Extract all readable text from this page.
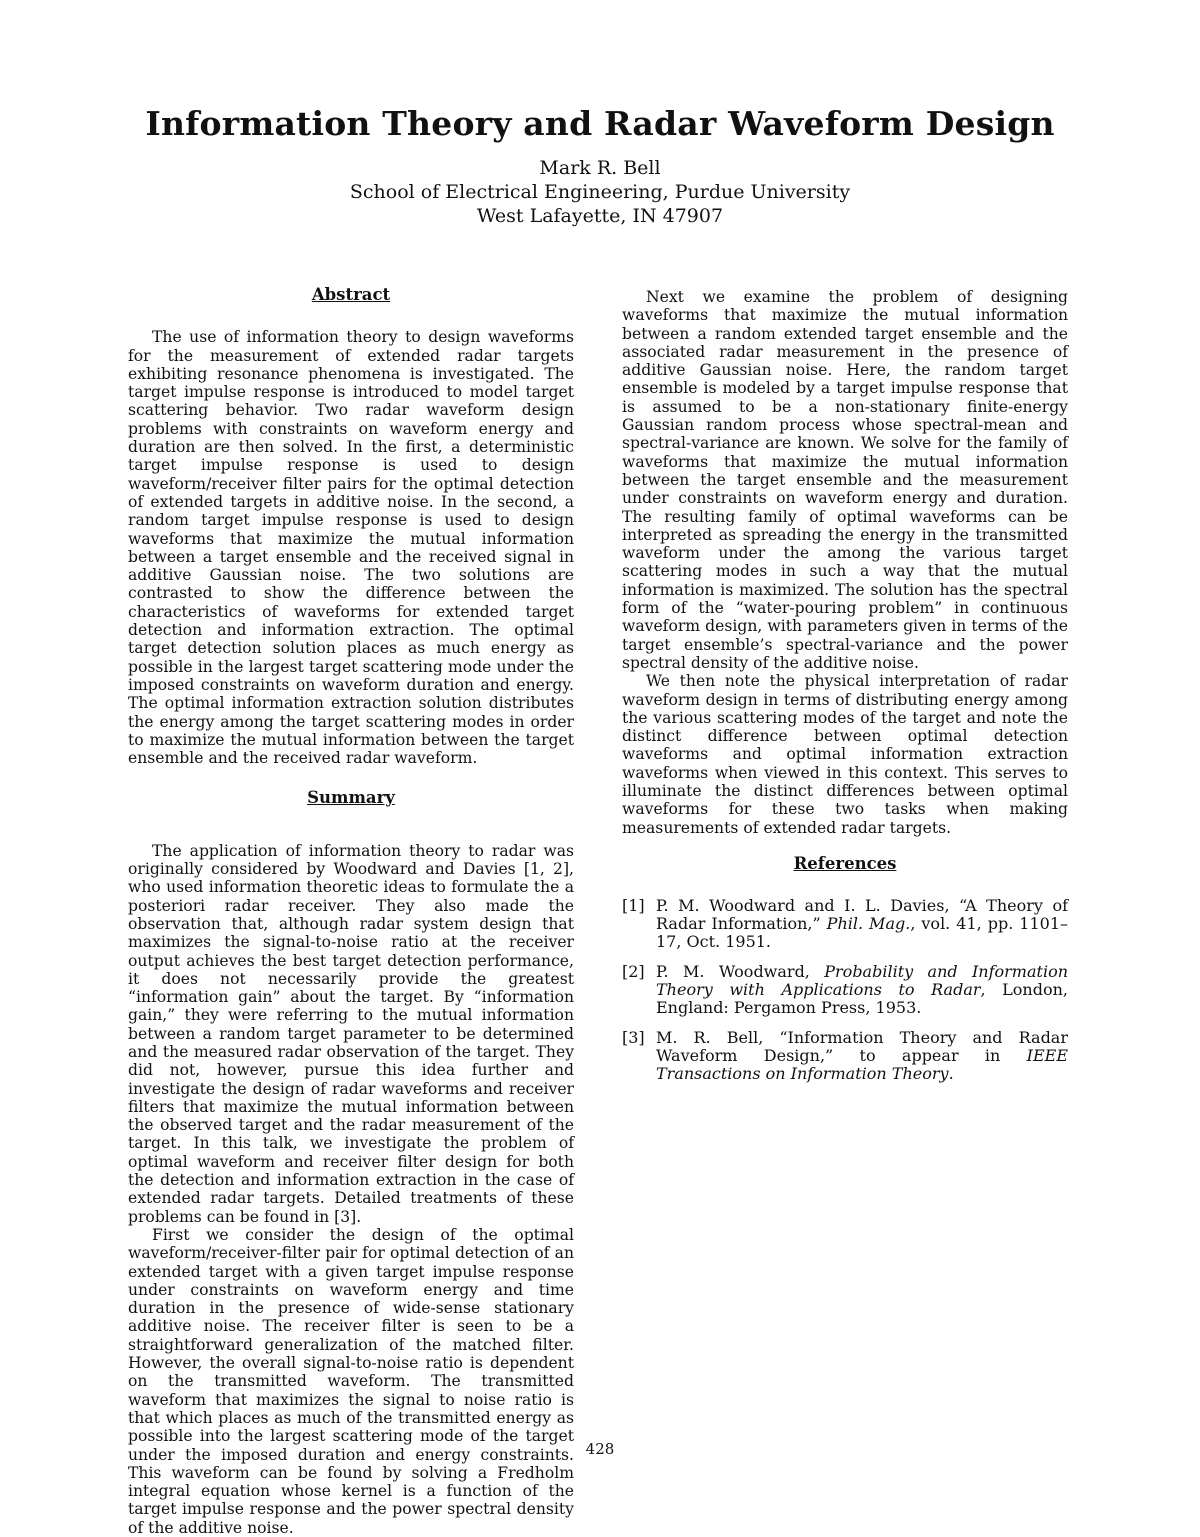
Information Theory and Radar Waveform Design
Mark R. Bell
School of Electrical Engineering, Purdue University
West Lafayette, IN 47907
Abstract

The use of information theory to design waveforms for the measurement of extended radar targets exhibiting resonance phenomena is investigated. The target impulse response is introduced to model target scattering behavior. Two radar waveform design problems with constraints on waveform energy and duration are then solved. In the first, a deterministic target impulse response is used to design waveform/receiver filter pairs for the optimal detection of extended targets in additive noise. In the second, a random target impulse response is used to design waveforms that maximize the mutual information between a target ensemble and the received signal in additive Gaussian noise. The two solutions are contrasted to show the difference between the characteristics of waveforms for extended target detection and information extraction. The optimal target detection solution places as much energy as possible in the largest target scattering mode under the imposed constraints on waveform duration and energy. The optimal information extraction solution distributes the energy among the target scattering modes in order to maximize the mutual information between the target ensemble and the received radar waveform.

Summary

The application of information theory to radar was originally considered by Woodward and Davies [1, 2], who used information theoretic ideas to formulate the a posteriori radar receiver. They also made the observation that, although radar system design that maximizes the signal-to-noise ratio at the receiver output achieves the best target detection performance, it does not necessarily provide the greatest “information gain” about the target. By “information gain,” they were referring to the mutual information between a random target parameter to be determined and the measured radar observation of the target. They did not, however, pursue this idea further and investigate the design of radar waveforms and receiver filters that maximize the mutual information between the observed target and the radar measurement of the target. In this talk, we investigate the problem of optimal waveform and receiver filter design for both the detection and information extraction in the case of extended radar targets. Detailed treatments of these problems can be found in [3].

First we consider the design of the optimal waveform/receiver-filter pair for optimal detection of an extended target with a given target impulse response under constraints on waveform energy and time duration in the presence of wide-sense stationary additive noise. The receiver filter is seen to be a straightforward generalization of the matched filter. However, the overall signal-to-noise ratio is dependent on the transmitted waveform. The transmitted waveform that maximizes the signal to noise ratio is that which places as much of the transmitted energy as possible into the largest scattering mode of the target under the imposed duration and energy constraints. This waveform can be found by solving a Fredholm integral equation whose kernel is a function of the target impulse response and the power spectral density of the additive noise.

Next we examine the problem of designing waveforms that maximize the mutual information between a random extended target ensemble and the associated radar measurement in the presence of additive Gaussian noise. Here, the random target ensemble is modeled by a target impulse response that is assumed to be a non-stationary finite-energy Gaussian random process whose spectral-mean and spectral-variance are known. We solve for the family of waveforms that maximize the mutual information between the target ensemble and the measurement under constraints on waveform energy and duration. The resulting family of optimal waveforms can be interpreted as spreading the energy in the transmitted waveform under the among the various target scattering modes in such a way that the mutual information is maximized. The solution has the spectral form of the “water-pouring problem” in continuous waveform design, with parameters given in terms of the target ensemble’s spectral-variance and the power spectral density of the additive noise.

We then note the physical interpretation of radar waveform design in terms of distributing energy among the various scattering modes of the target and note the distinct difference between optimal detection waveforms and optimal information extraction waveforms when viewed in this context. This serves to illuminate the distinct differences between optimal waveforms for these two tasks when making measurements of extended radar targets.

References
[1] P. M. Woodward and I. L. Davies, “A Theory of Radar Information,” Phil. Mag., vol. 41, pp. 1101–17, Oct. 1951.
[2] P. M. Woodward, Probability and Information Theory with Applications to Radar, London, England: Pergamon Press, 1953.
[3] M. R. Bell, “Information Theory and Radar Waveform Design,” to appear in IEEE Transactions on Information Theory.
428
